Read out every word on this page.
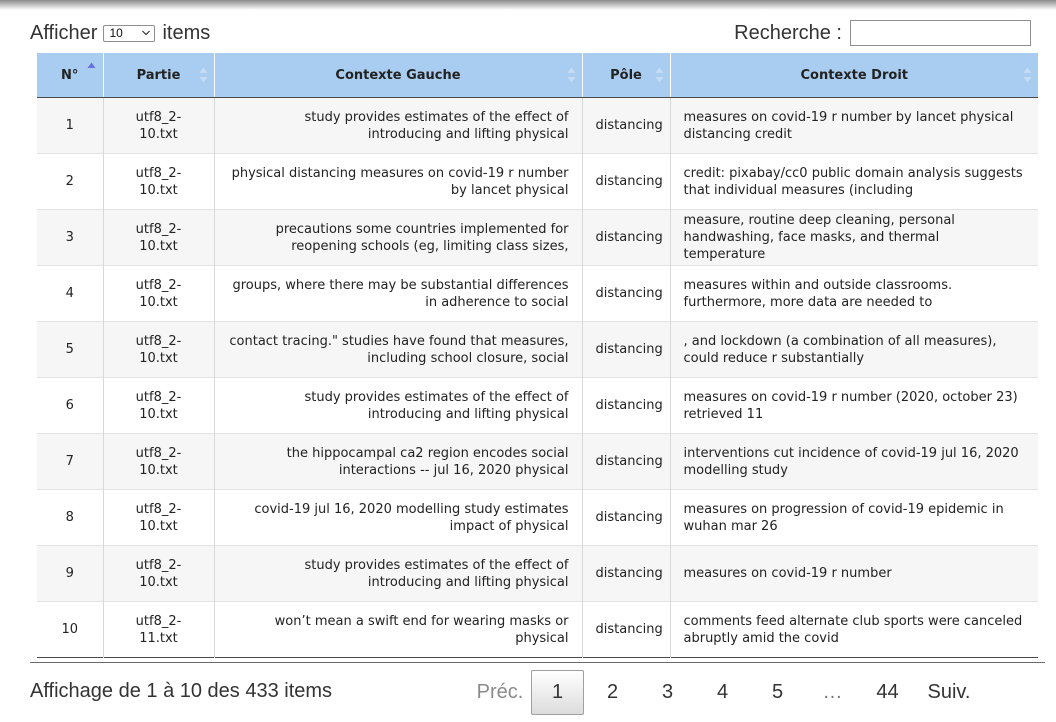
Afficher 10 items	Recherche :
N°	Partie	Contexte Gauche	Pôle	Contexte Droit

1	utf8_2-10.txt	study provides estimates of the effect of introducing and lifting physical	distancing	measures on covid-19 r number by lancet physical distancing credit
2	utf8_2-10.txt	physical distancing measures on covid-19 r number by lancet physical	distancing	credit: pixabay/cc0 public domain analysis suggests that individual measures (including
3	utf8_2-10.txt	precautions some countries implemented for reopening schools (eg, limiting class sizes,	distancing	measure, routine deep cleaning, personal handwashing, face masks, and thermal temperature
4	utf8_2-10.txt	groups, where there may be substantial differences in adherence to social	distancing	measures within and outside classrooms. furthermore, more data are needed to
5	utf8_2-10.txt	contact tracing." studies have found that measures, including school closure, social	distancing	, and lockdown (a combination of all measures), could reduce r substantially
6	utf8_2-10.txt	study provides estimates of the effect of introducing and lifting physical	distancing	measures on covid-19 r number (2020, october 23) retrieved 11
7	utf8_2-10.txt	the hippocampal ca2 region encodes social interactions -- jul 16, 2020 physical	distancing	interventions cut incidence of covid-19 jul 16, 2020 modelling study
8	utf8_2-10.txt	covid-19 jul 16, 2020 modelling study estimates impact of physical	distancing	measures on progression of covid-19 epidemic in wuhan mar 26
9	utf8_2-10.txt	study provides estimates of the effect of introducing and lifting physical	distancing	measures on covid-19 r number
10	utf8_2-11.txt	won’t mean a swift end for wearing masks or physical	distancing	comments feed alternate club sports were canceled abruptly amid the covid
Affichage de 1 à 10 des 433 items	Préc.	1	2	3	4	5	…	44	Suiv.
